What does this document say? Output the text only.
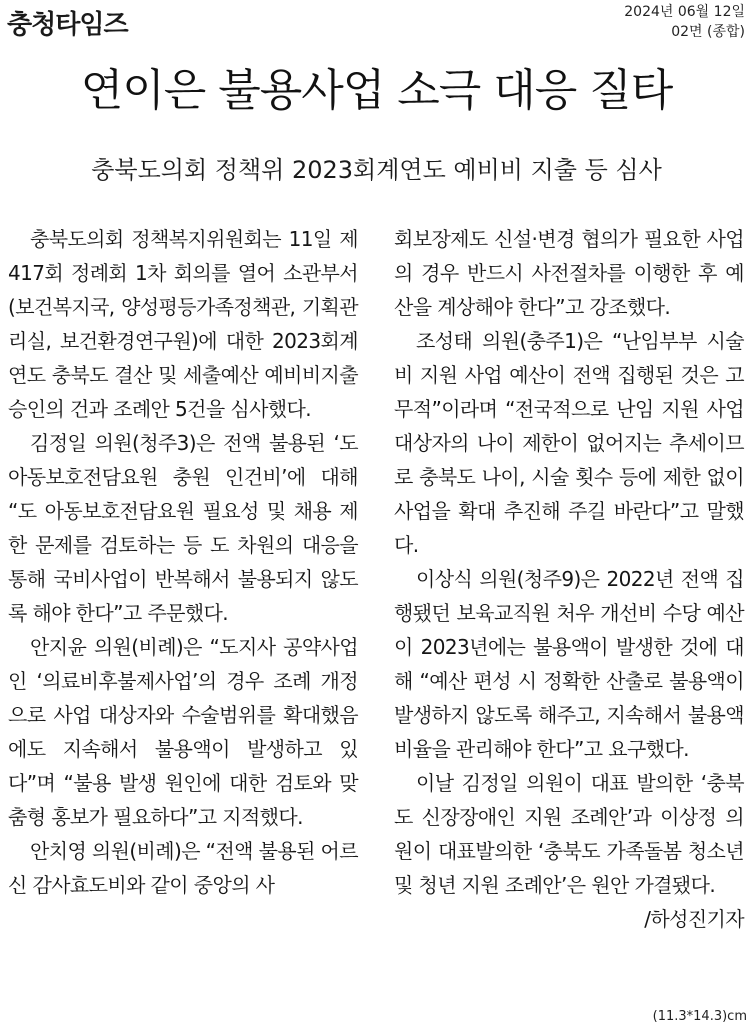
충청타임즈	2024년 06월 12일
02면 (종합)
연이은 불용사업 소극 대응 질타
충북도의회 정책위 2023회계연도 예비비 지출 등 심사

충북도의회 정책복지위원회는 11일 제417회 정례회 1차 회의를 열어 소관부서(보건복지국, 양성평등가족정책관, 기획관리실, 보건환경연구원)에 대한 2023회계연도 충북도 결산 및 세출예산 예비비지출 승인의 건과 조례안 5건을 심사했다.

김정일 의원(청주3)은 전액 불용된 ‘도 아동보호전담요원 충원 인건비’에 대해 “도 아동보호전담요원 필요성 및 채용 제한 문제를 검토하는 등 도 차원의 대응을 통해 국비사업이 반복해서 불용되지 않도록 해야 한다”고 주문했다.

안지윤 의원(비례)은 “도지사 공약사업인 ‘의료비후불제사업’의 경우 조례 개정으로 사업 대상자와 수술범위를 확대했음에도 지속해서 불용액이 발생하고 있다”며 “불용 발생 원인에 대한 검토와 맞춤형 홍보가 필요하다”고 지적했다.

안치영 의원(비례)은 “전액 불용된 어르신 감사효도비와 같이 중앙의 사

회보장제도 신설·변경 협의가 필요한 사업의 경우 반드시 사전절차를 이행한 후 예산을 계상해야 한다”고 강조했다.

조성태 의원(충주1)은 “난임부부 시술비 지원 사업 예산이 전액 집행된 것은 고무적”이라며 “전국적으로 난임 지원 사업 대상자의 나이 제한이 없어지는 추세이므로 충북도 나이, 시술 횟수 등에 제한 없이 사업을 확대 추진해 주길 바란다”고 말했다.

이상식 의원(청주9)은 2022년 전액 집행됐던 보육교직원 처우 개선비 수당 예산이 2023년에는 불용액이 발생한 것에 대해 “예산 편성 시 정확한 산출로 불용액이 발생하지 않도록 해주고, 지속해서 불용액 비율을 관리해야 한다”고 요구했다.

이날 김정일 의원이 대표 발의한 ‘충북도 신장장애인 지원 조례안’과 이상정 의원이 대표발의한 ‘충북도 가족돌봄 청소년 및 청년 지원 조례안’은 원안 가결됐다.
/하성진기자

(11.3*14.3)cm
